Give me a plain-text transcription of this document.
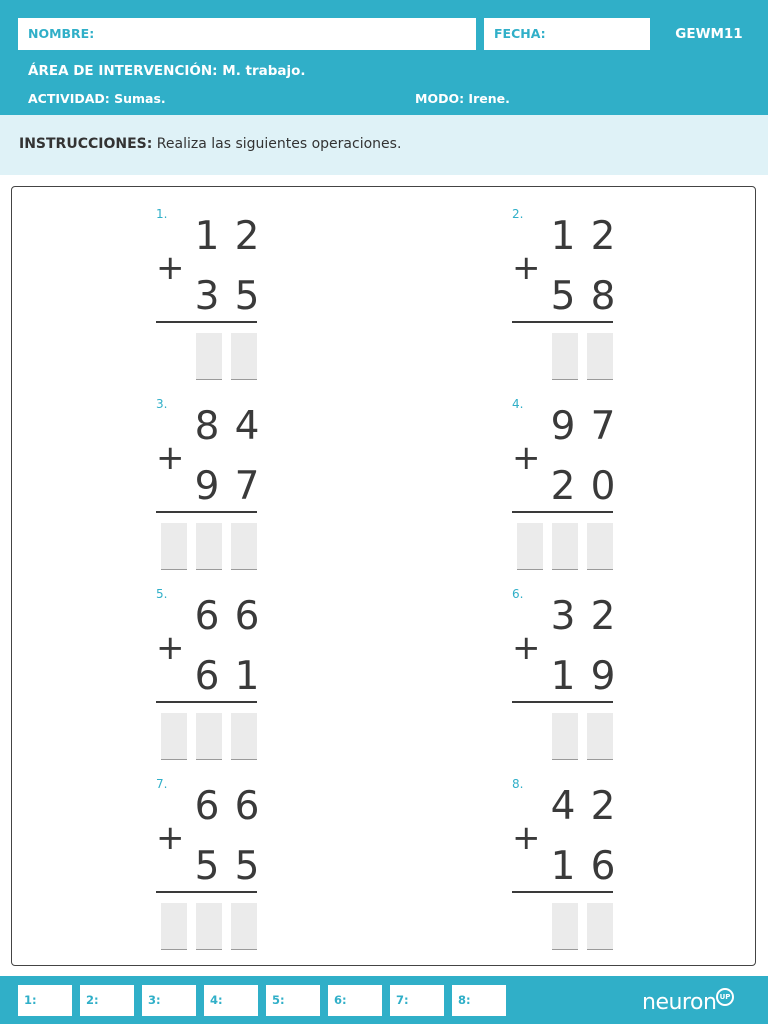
NOMBRE:	FECHA:	GEWM11
ÁREA DE INTERVENCIÓN: M. trabajo.
ACTIVIDAD: Sumas.	MODO: Irene.
INSTRUCCIONES: Realiza las siguientes operaciones.
1. 1 2
+
3 5
2. 1 2
+
5 8
3. 8 4
+
9 7
4. 9 7
+
2 0
5. 6 6
+
6 1
6. 3 2
+
1 9
7. 6 6
+
5 5
8. 4 2
+
1 6
1:	2:	3:	4:	5:	6:	7:	8:	neuron UP
